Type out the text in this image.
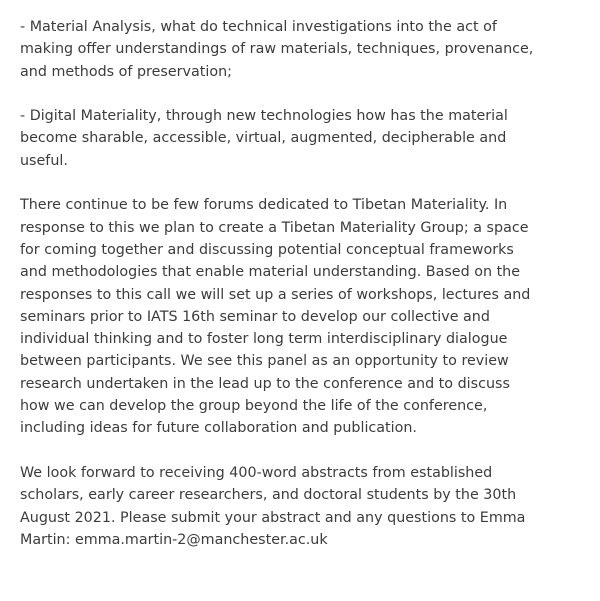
- Material Analysis, what do technical investigations into the act of
making offer understandings of raw materials, techniques, provenance,
and methods of preservation;

- Digital Materiality, through new technologies how has the material
become sharable, accessible, virtual, augmented, decipherable and
useful.

There continue to be few forums dedicated to Tibetan Materiality. In
response to this we plan to create a Tibetan Materiality Group; a space
for coming together and discussing potential conceptual frameworks
and methodologies that enable material understanding. Based on the
responses to this call we will set up a series of workshops, lectures and
seminars prior to IATS 16th seminar to develop our collective and
individual thinking and to foster long term interdisciplinary dialogue
between participants. We see this panel as an opportunity to review
research undertaken in the lead up to the conference and to discuss
how we can develop the group beyond the life of the conference,
including ideas for future collaboration and publication.

We look forward to receiving 400-word abstracts from established
scholars, early career researchers, and doctoral students by the 30th
August 2021. Please submit your abstract and any questions to Emma
Martin: emma.martin-2@manchester.ac.uk
